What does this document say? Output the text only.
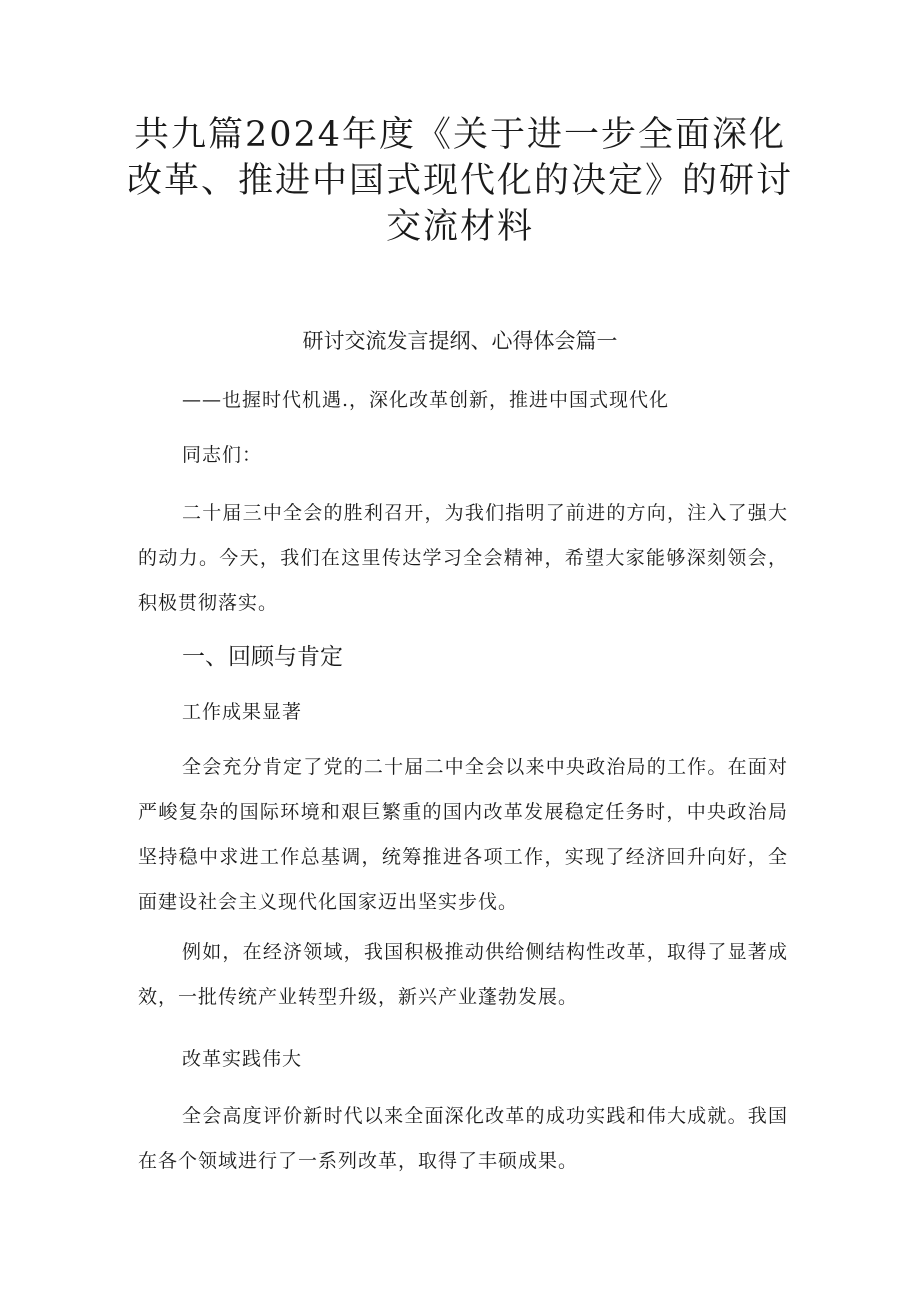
共九篇2024年度《关于进一步全面深化改革、推进中国式现代化的决定》的研讨交流材料
研讨交流发言提纲、心得体会篇一
——也握时代机遇.，深化改革创新，推进中国式现代化
同志们：

二十届三中全会的胜利召开，为我们指明了前进的方向，注入了强大的动力。今天，我们在这里传达学习全会精神，希望大家能够深刻领会，积极贯彻落实。

一、回顾与肯定
工作成果显著

全会充分肯定了党的二十届二中全会以来中央政治局的工作。在面对严峻复杂的国际环境和艰巨繁重的国内改革发展稳定任务时，中央政治局坚持稳中求进工作总基调，统筹推进各项工作，实现了经济回升向好，全面建设社会主义现代化国家迈出坚实步伐。

例如，在经济领域，我国积极推动供给侧结构性改革，取得了显著成效，一批传统产业转型升级，新兴产业蓬勃发展。

改革实践伟大

全会高度评价新时代以来全面深化改革的成功实践和伟大成就。我国在各个领域进行了一系列改革，取得了丰硕成果。
